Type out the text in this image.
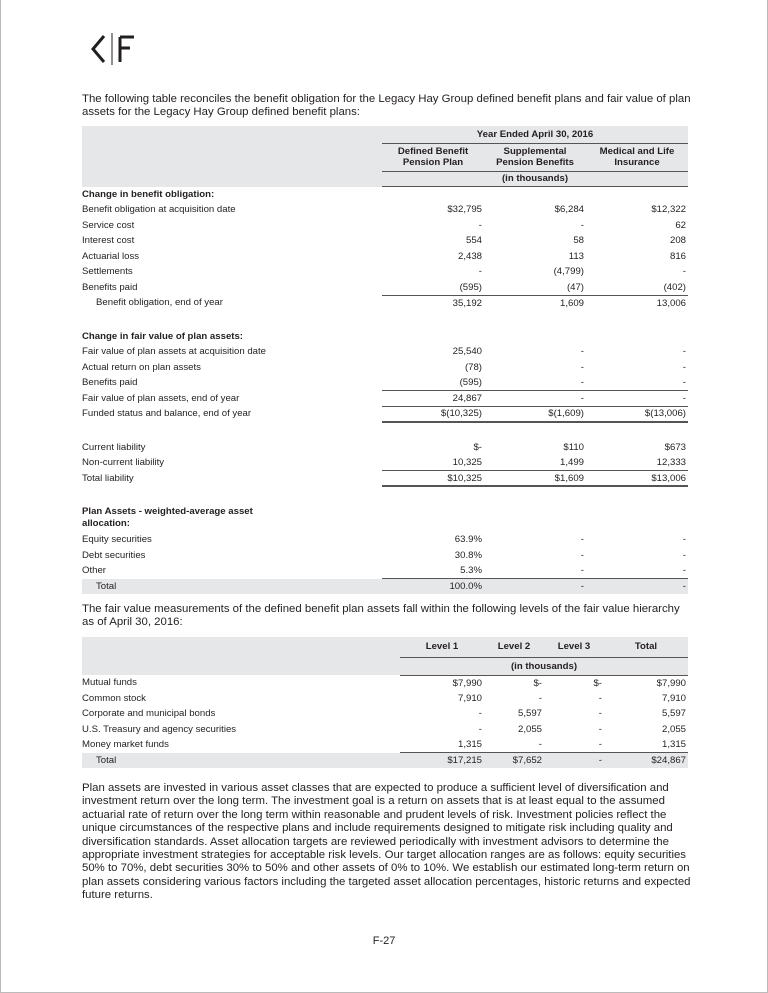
The following table reconciles the benefit obligation for the Legacy Hay Group defined benefit plans and fair value of plan assets for the Legacy Hay Group defined benefit plans:

	Year Ended April 30, 2016		
	Defined Benefit Pension Plan	Supplemental Pension Benefits	Medical and Life Insurance
	(in thousands)		
Change in benefit obligation:			
Benefit obligation at acquisition date	$32,795	$6,284	$12,322
Service cost	-	-	62
Interest cost	554	58	208
Actuarial loss	2,438	113	816
Settlements	-	(4,799)	-
Benefits paid	(595)	(47)	(402)
Benefit obligation, end of year	35,192	1,609	13,006

Change in fair value of plan assets:			
Fair value of plan assets at acquisition date	25,540	-	-
Actual return on plan assets	(78)	-	-
Benefits paid	(595)	-	-
Fair value of plan assets, end of year	24,867	-	-
Funded status and balance, end of year	$(10,325)	$(1,609)	$(13,006)

Current liability	$-	$110	$673
Non-current liability	10,325	1,499	12,333
Total liability	$10,325	$1,609	$13,006

Plan Assets - weighted-average asset
allocation:			

Equity securities	63.9%	-	-
Debt securities	30.8%	-	-
Other	5.3%	-	-
Total	100.0%	-	-

The fair value measurements of the defined benefit plan assets fall within the following levels of the fair value hierarchy as of April 30, 2016:

	Level 1	Level 2	Level 3	Total
	(in thousands)			
Mutual funds	$7,990	$-	$-	$7,990
Common stock	7,910	-	-	7,910
Corporate and municipal bonds	-	5,597	-	5,597
U.S. Treasury and agency securities	-	2,055	-	2,055
Money market funds	1,315	-	-	1,315
Total	$17,215	$7,652	-	$24,867

Plan assets are invested in various asset classes that are expected to produce a sufficient level of diversification and investment return over the long term. The investment goal is a return on assets that is at least equal to the assumed actuarial rate of return over the long term within reasonable and prudent levels of risk. Investment policies reflect the unique circumstances of the respective plans and include requirements designed to mitigate risk including quality and diversification standards. Asset allocation targets are reviewed periodically with investment advisors to determine the appropriate investment strategies for acceptable risk levels. Our target allocation ranges are as follows: equity securities 50% to 70%, debt securities 30% to 50% and other assets of 0% to 10%. We establish our estimated long-term return on plan assets considering various factors including the targeted asset allocation percentages, historic returns and expected future returns.

F-27
